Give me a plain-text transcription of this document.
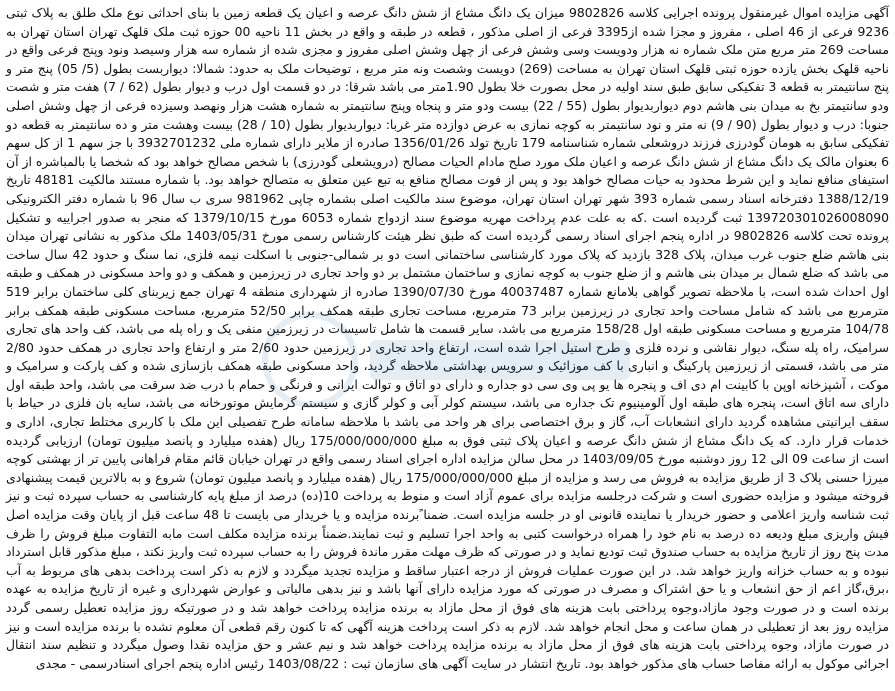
آگهی مزایده اموال غیرمنقول پرونده اجرایی کلاسه 9802826 میزان یک دانگ مشاع از شش دانگ عرصه و اعیان یک قطعه زمین با بنای احداثی نوع ملک طلق به پلاک ثبتی 9236 فرعی از 46 اصلی ، مفروز و مجزا شده از3395 فرعی از اصلی مذکور ، قطعه در طبقه و واقع در بخش 11 ناحیه 00 حوزه ثبت ملک قلهک تهران استان تهران به مساحت 269 متر مربع متن ملک شماره نه هزار ودویست وسی وشش فرعی از چهل وشش اصلی مفروز و مجزی شده از شماره سه هزار وسیصد ونود وپنج فرعی واقع در ناحیه قلهک بخش یازده حوزه ثبتی قلهک استان تهران به مساحت (269) دویست وشصت ونه متر مربع ، توضیحات ملک به حدود: شمالا: دیواربست بطول (5/ 05) پنج متر و پنج سانتیمتر به قطعه 3 تفکیکی سابق طبق سند اولیه در محل بصورت خلا بطول 1.90متر می باشد شرقا: در دو قسمت اول درب و دیوار بطول (62 / 7) هفت متر و شصت ودو سانتیمتر بخ به میدان بنی هاشم دوم دیواربدیوار بطول (55 / 22) بیست ودو متر و پنجاه وپنج سانتیمتر به شماره هشت هزار ونهصد وسیزده فرعی از چهل وشش اصلی جنوبا: درب و دیوار بطول (90 / 9) نه متر و نود سانتیمتر به کوچه نمازی به عرض دوازده متر غربا: دیواربدیوار بطول (10 / 28) بیست وهشت متر و ده سانتیمتر به قطعه دو تفکیکی سابق به هومان گودرزی فرزند دروشعلی شماره شناسنامه 179 تاریخ تولد 1356/01/26 صادره از ملایر دارای شماره ملی 3932701232 با جز سهم 1 از کل سهم 6 بعنوان مالک یک دانگ مشاع از شش دانگ عرصه و اعیان ملک مورد صلح مادام الحیات مصالح (درویشعلی گودرزی) با شخص مصالح خواهد بود که شخصا یا بالمباشره از آن استیفای منافع نماید و این شرط محدود به حیات مصالح خواهد بود و پس از فوت مصالح منافع به تبع عین متعلق به متصالح خواهد بود. با شماره مستند مالکیت 48181 تاریخ 1388/12/19 دفترخانه اسناد رسمی شماره 393 شهر تهران استان تهران، موضوع سند مالکیت اصلی بشماره چاپی 981962 سری ب سال 96 با شماره دفتر الکترونیکی 139720301026008090 ثبت گردیده است .که به علت عدم پرداخت مهریه موضوع سند ازدواج شماره 6053 مورخ 1379/10/15 که منجر به صدور اجراییه و تشکیل پرونده تحت کلاسه 9802826 در اداره پنجم اجرای اسناد رسمی گردیده است که طبق نظر هیئت کارشناس رسمی مورخ 1403/05/31 ملک مذکور به نشانی تهران میدان بنی هاشم ضلع جنوب غرب میدان، پلاک 328 بازدید که پلاک مورد کارشناسی ساختمانی است دو بر شمالی-جنوبی با اسکلت نیمه فلزی، نما سنگ و حدود 42 سال ساخت می باشد که ضلع شمال بر میدان بنی هاشم و از ضلع جنوب به کوچه نمازی و ساختمان مشتمل بر دو واحد تجاری در زیرزمین و همکف و دو واحد مسکونی در همکف و طبقه اول احداث شده است، با ملاحظه تصویر گواهی بلامانع شماره 40037487 مورخ 1390/07/30 صادره از شهرداری منطقه 4 تهران جمع زیربنای کلی ساختمان برابر 519 مترمربع می باشد که شامل مساحت واحد تجاری در زیرزمین برابر 73 مترمربع، مساحت تجاری طبقه همکف برابر 52/50 مترمربع، مساحت مسکونی طبقه همکف برابر 104/78 مترمربع و مساحت مسکونی طبقه اول 158/28 مترمربع می باشد، سایر قسمت ها شامل تاسیسات در زیرزمین منفی یک و راه پله می باشد، کف واحد های تجاری سرامیک، راه پله سنگ، دیوار نقاشی و نرده فلزی و طرح استیل اجرا شده است، ارتفاع واحد تجاری در زیرزمین حدود 2/60 متر و ارتفاع واحد تجاری در همکف حدود 2/80 متر می باشد، قسمتی از زیرزمین پارکینگ و انباری با کف موزائیک و سرویس بهداشتی ملاحظه گردید، واحد مسکونی طبقه همکف بازسازی شده و کف پارکت و سرامیک و موکت ، آشپزخانه اوپن با کابینت ام دی اف و پنجره ها یو پی وی سی دو جداره و دارای دو اتاق و توالت ایرانی و فرنگی و حمام با درب ضد سرقت می باشد، واحد طبقه اول دارای سه اتاق است، پنجره های طبقه اول آلومینیوم تک جداره می باشد، سیستم کولر آبی و کولر گازی و سیستم گرمایش موتورخانه می باشد، سایه بان فلزی در حیاط با سقف ایرانیتی مشاهده گردید دارای انشعابات آب، گاز و برق اختصاصی برای هر واحد می باشد با ملاحظه سامانه طرح تفصیلی این ملک با کاربری مختلط تجاری، اداری و خدمات قرار دارد. که یک دانگ مشاع از شش دانگ عرصه و اعیان پلاک ثبتی فوق به مبلغ 175/000/000/000 ریال (هفده میلیارد و پانصد میلیون تومان) ارزیابی گردیده است از ساعت 09 الی 12 روز دوشنبه مورخ 1403/09/05 در محل سالن مزایده اداره اجرای اسناد رسمی واقع در تهران خیابان قائم مقام فراهانی پایین تر از بهشتی کوچه میرزا حسنی پلاک 3 از طریق مزایده به فروش می رسد و مزایده از مبلغ 175/000/000/000 ریال (هفده میلیارد و پانصد میلیون تومان) شروع و به بالاترین قیمت پیشنهادی فروخته میشود و مزایده حضوری است و شرکت درجلسه مزایده برای عموم آزاد است و منوط به پرداخت 10(ده) درصد از مبلغ پایه کارشناسی به حساب سپرده ثبت و نیز ثبت شناسه واریز اعلامی و حضور خریدار یا نماینده قانونی او در جلسه مزایده است. ضمنا ًبرنده مزایده و یا خریدار می بایست تا 48 ساعت قبل از پایان وقت مزایده اصل فیش واریزی مبلغ ودیعه ده درصد به نام خود را همراه درخواست کتبی به واحد اجرا تسلیم و ثبت نمایند.ضمناً برنده مزایده مکلف است مابه التفاوت مبلغ فروش را ظرف مدت پنج روز از تاریخ مزایده به حساب صندوق ثبت تودیع نماید و در صورتی که ظرف مهلت مقرر ماندة فروش را به حساب سپرده ثبت واریز نکند ، مبلغ مذکور قابل استرداد نبوده و به حساب خزانه واریز خواهد شد. در این صورت عملیات فروش از درجه اعتبار ساقط و مزایده تجدید میگردد و لازم به ذکر است پرداخت بدهی های مربوط به آب ،برق،گاز اعم از حق انشعاب و یا حق اشتراک و مصرف در صورتی که مورد مزایده دارای آنها باشد و نیز بدهی مالیاتی و عوارض شهرداری و غیره از تاریخ مزایده به عهده برنده است و در صورت وجود مازاد،وجوه پرداختی بابت هزینه های فوق از محل مازاد به برنده مزایده پرداخت خواهد شد و در صورتیکه روز مزایده تعطیل رسمی گردد مزایده روز بعد از تعطیلی در همان ساعت و محل انجام خواهد شد. لازم به ذکر است پرداخت هزینه آگهی که تا کنون رقم قطعی آن معلوم نشده با برنده مزایده است و نیز در صورت مازاد، وجوه پرداختی بابت هزینه های فوق از محل مازاد به برنده مزایده پرداخت خواهد شد و نیم عشر و حق مزایده نقدا وصول میگردد و تنظیم سند انتقال اجرائی موکول به ارائه مفاصا حساب های مذکور خواهد بود. تاریخ انتشار در سایت آگهی های سازمان ثبت : 1403/08/22 رئیس اداره پنجم اجرای اسنادرسمی - مجدی
